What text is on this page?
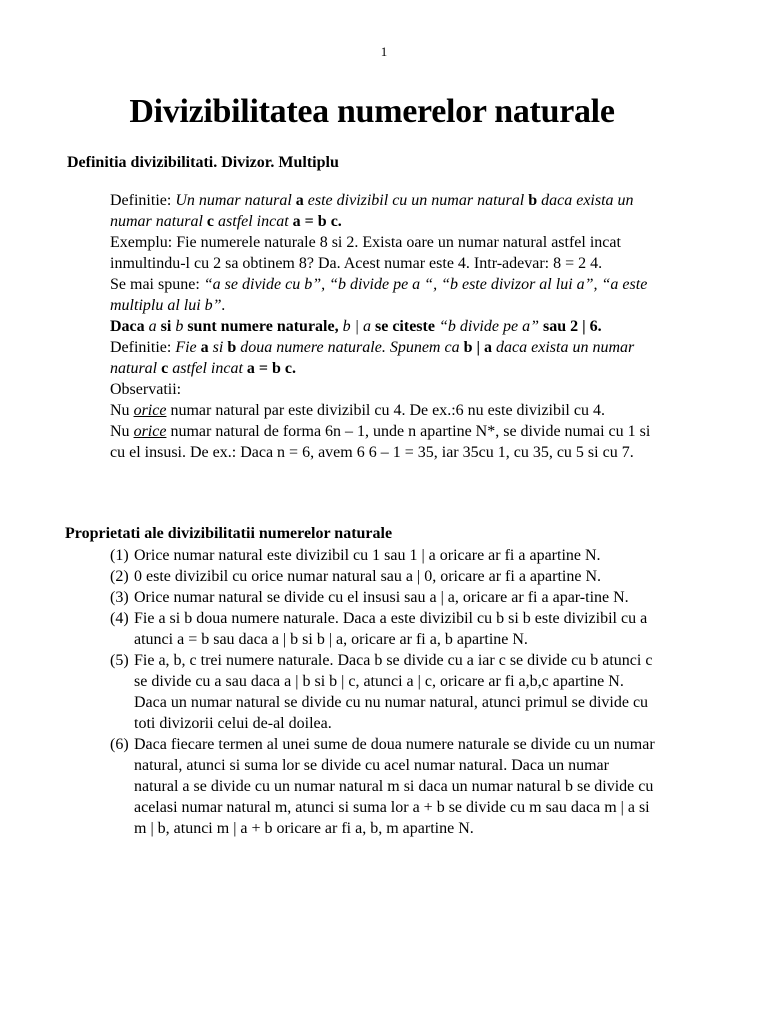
1
Divizibilitatea numerelor naturale
Definitia divizibilitati. Divizor. Multiplu

Definitie: Un numar natural a este divizibil cu un numar natural b daca exista un numar natural c astfel incat a = b c.

Exemplu: Fie numerele naturale 8 si 2. Exista oare un numar natural astfel incat inmultindu-l cu 2 sa obtinem 8? Da. Acest numar este 4. Intr-adevar: 8 = 2 4.

Se mai spune: “a se divide cu b”, “b divide pe a “, “b este divizor al lui a”, “a este multiplu al lui b”.

Daca a si b sunt numere naturale, b | a se citeste “b divide pe a” sau 2 | 6.

Definitie: Fie a si b doua numere naturale. Spunem ca b | a daca exista un numar natural c astfel incat a = b c.

Observatii:

Nu orice numar natural par este divizibil cu 4. De ex.:6 nu este divizibil cu 4.

Nu orice numar natural de forma 6n – 1, unde n apartine N*, se divide numai cu 1 si cu el insusi. De ex.: Daca n = 6, avem 6 6 – 1 = 35, iar 35cu 1, cu 35, cu 5 si cu 7.

Proprietati ale divizibilitatii numerelor naturale
(1) Orice numar natural este divizibil cu 1 sau 1 | a oricare ar fi a apartine N.
(2) 0 este divizibil cu orice numar natural sau a | 0, oricare ar fi a apartine N.
(3) Orice numar natural se divide cu el insusi sau a | a, oricare ar fi a apar-tine N.
(4) Fie a si b doua numere naturale. Daca a este divizibil cu b si b este divizibil cu a atunci a = b sau daca a | b si b | a, oricare ar fi a, b apartine N.
(5) Fie a, b, c trei numere naturale. Daca b se divide cu a iar c se divide cu b atunci c se divide cu a sau daca a | b si b | c, atunci a | c, oricare ar fi a,b,c apartine N. Daca un numar natural se divide cu nu numar natural, atunci primul se divide cu toti divizorii celui de-al doilea.
(6) Daca fiecare termen al unei sume de doua numere naturale se divide cu un numar natural, atunci si suma lor se divide cu acel numar natural. Daca un numar natural a se divide cu un numar natural m si daca un numar natural b se divide cu acelasi numar natural m, atunci si suma lor a + b se divide cu m sau daca m | a si m | b, atunci m | a + b oricare ar fi a, b, m apartine N.
